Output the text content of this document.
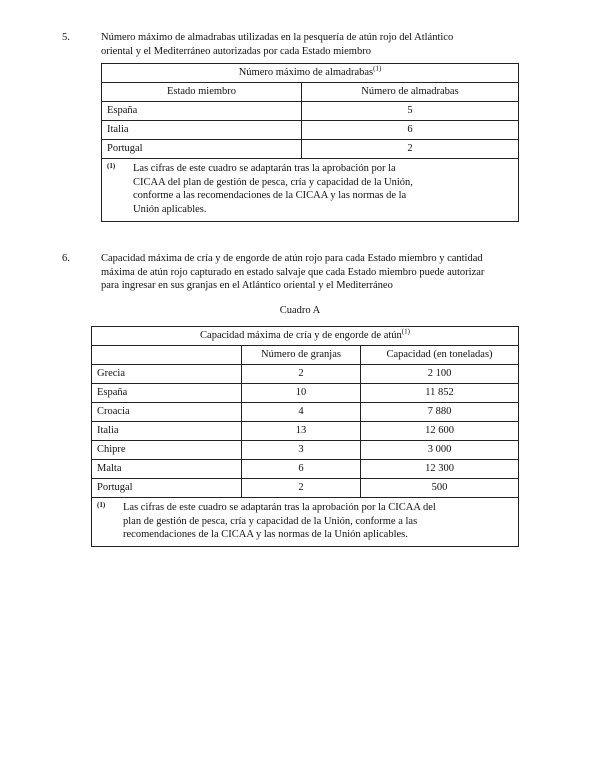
5.	Número máximo de almadrabas utilizadas en la pesquería de atún rojo del Atlántico
oriental y el Mediterráneo autorizadas por cada Estado miembro
Número máximo de almadrabas$^{(1)}$
Estado miembro	Número de almadrabas
España	5
Italia	6
Portugal	2
(1) Las cifras de este cuadro se adaptarán tras la aprobación por la
CICAA del plan de gestión de pesca, cría y capacidad de la Unión,
conforme a las recomendaciones de la CICAA y las normas de la
Unión aplicables.	
6.	Capacidad máxima de cría y de engorde de atún rojo para cada Estado miembro y cantidad
máxima de atún rojo capturado en estado salvaje que cada Estado miembro puede autorizar
para ingresar en sus granjas en el Atlántico oriental y el Mediterráneo
Cuadro A
Capacidad máxima de cría y de engorde de atún$^{(1)}$
	Número de granjas	Capacidad (en toneladas)
Grecia	2	2 100
España	10	11 852
Croacia	4	7 880
Italia	13	12 600
Chipre	3	3 000
Malta	6	12 300
Portugal	2	500
(1) Las cifras de este cuadro se adaptarán tras la aprobación por la CICAA del
plan de gestión de pesca, cría y capacidad de la Unión, conforme a las
recomendaciones de la CICAA y las normas de la Unión aplicables.		
